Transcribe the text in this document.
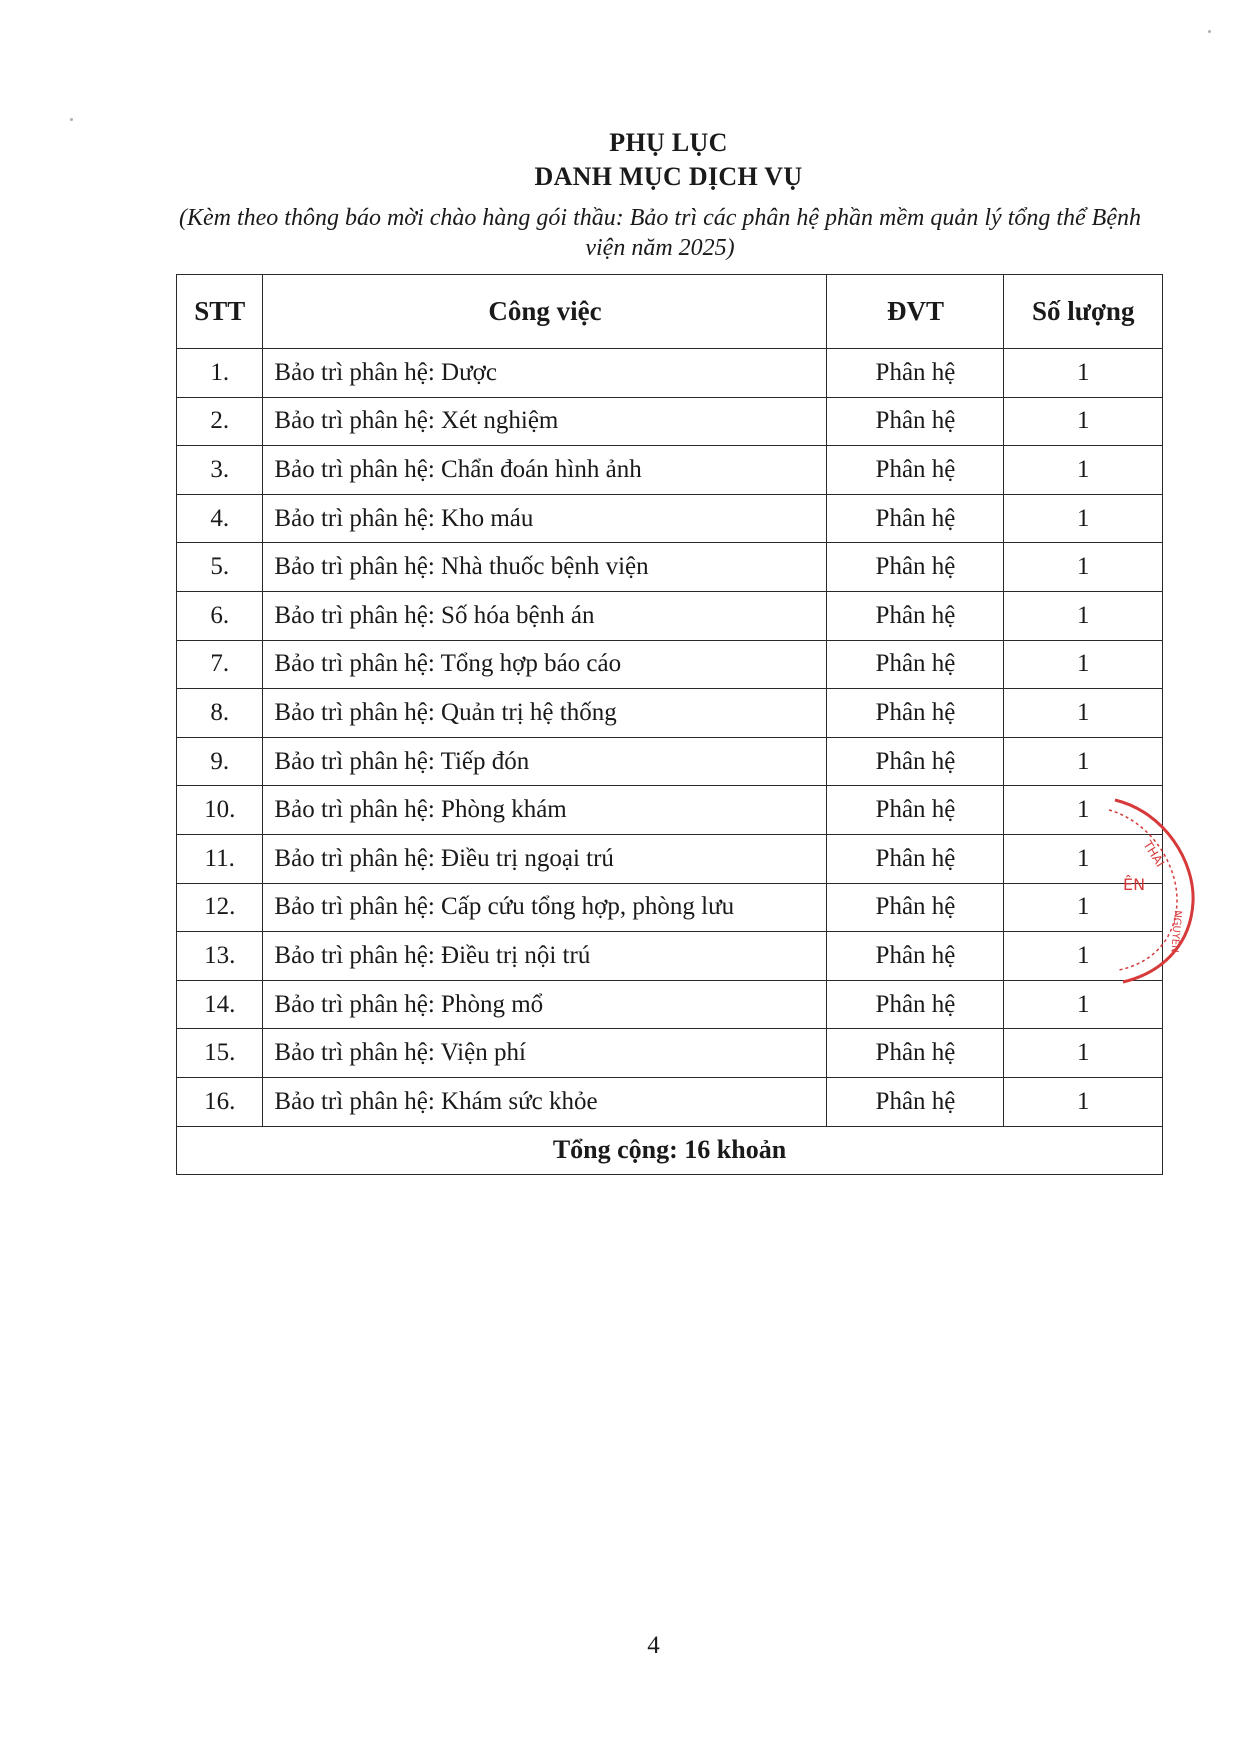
PHỤ LỤC
DANH MỤC DỊCH VỤ
(Kèm theo thông báo mời chào hàng gói thầu: Bảo trì các phân hệ phần mềm quản lý tổng thể Bệnh viện năm 2025)
STT	Công việc	ĐVT	Số lượng
1.	Bảo trì phân hệ: Dược	Phân hệ	1
2.	Bảo trì phân hệ: Xét nghiệm	Phân hệ	1
3.	Bảo trì phân hệ: Chẩn đoán hình ảnh	Phân hệ	1
4.	Bảo trì phân hệ: Kho máu	Phân hệ	1
5.	Bảo trì phân hệ: Nhà thuốc bệnh viện	Phân hệ	1
6.	Bảo trì phân hệ: Số hóa bệnh án	Phân hệ	1
7.	Bảo trì phân hệ: Tổng hợp báo cáo	Phân hệ	1
8.	Bảo trì phân hệ: Quản trị hệ thống	Phân hệ	1
9.	Bảo trì phân hệ: Tiếp đón	Phân hệ	1
10.	Bảo trì phân hệ: Phòng khám	Phân hệ	1
11.	Bảo trì phân hệ: Điều trị ngoại trú	Phân hệ	1
12.	Bảo trì phân hệ: Cấp cứu tổng hợp, phòng lưu	Phân hệ	1
13.	Bảo trì phân hệ: Điều trị nội trú	Phân hệ	1
14.	Bảo trì phân hệ: Phòng mổ	Phân hệ	1
15.	Bảo trì phân hệ: Viện phí	Phân hệ	1
16.	Bảo trì phân hệ: Khám sức khỏe	Phân hệ	1
Tổng cộng: 16 khoản			
THÁI
ÊN
NGUYÊN
4
